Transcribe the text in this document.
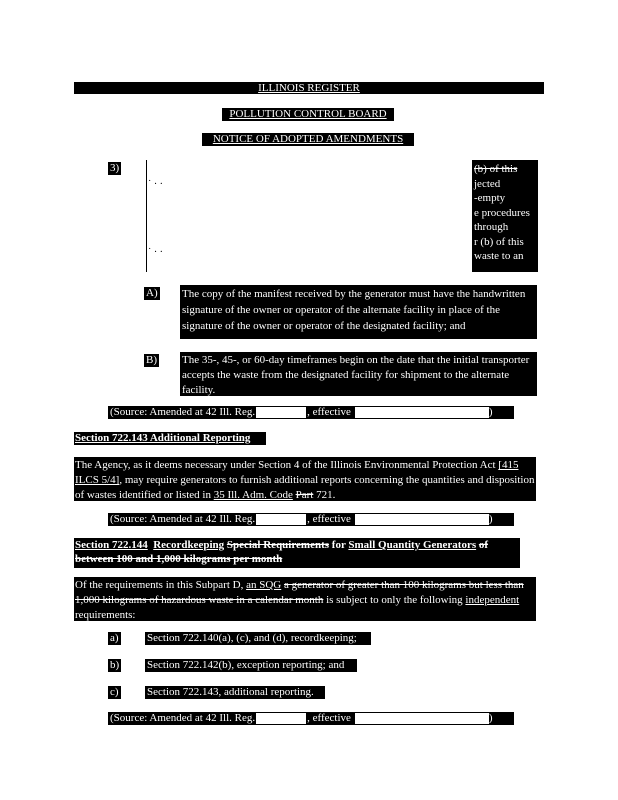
ILLINOIS REGISTER
POLLUTION CONTROL BOARD
NOTICE OF ADOPTED AMENDMENTS
3)
˙ · ·
˙ · ·
(b) of this
jected
-empty
e procedures
through
r (b) of this
waste to an
A) The copy of the manifest received by the generator must have the handwritten signature of the owner or operator of the alternate facility in place of the signature of the owner or operator of the designated facility; and
B) The 35-, 45-, or 60-day timeframes begin on the date that the initial transporter accepts the waste from the designated facility for shipment to the alternate facility.
(Source: Amended at 42 Ill. Reg.	, effective	)
Section 722.143 Additional Reporting
The Agency, as it deems necessary under Section 4 of the Illinois Environmental Protection Act [415 ILCS 5/4], may require generators to furnish additional reports concerning the quantities and disposition of wastes identified or listed in 35 Ill. Adm. Code Part 721.
(Source: Amended at 42 Ill. Reg.	, effective	)
Section 722.144 Recordkeeping Special Requirements for Small Quantity Generators of between 100 and 1,000 kilograms per month
Of the requirements in this Subpart D, an SQG a generator of greater than 100 kilograms but less than 1,000 kilograms of hazardous waste in a calendar month is subject to only the following independent requirements:
a)	Section 722.140(a), (c), and (d), recordkeeping;
b)	Section 722.142(b), exception reporting; and
c)	Section 722.143, additional reporting.
(Source: Amended at 42 Ill. Reg.	, effective	)
